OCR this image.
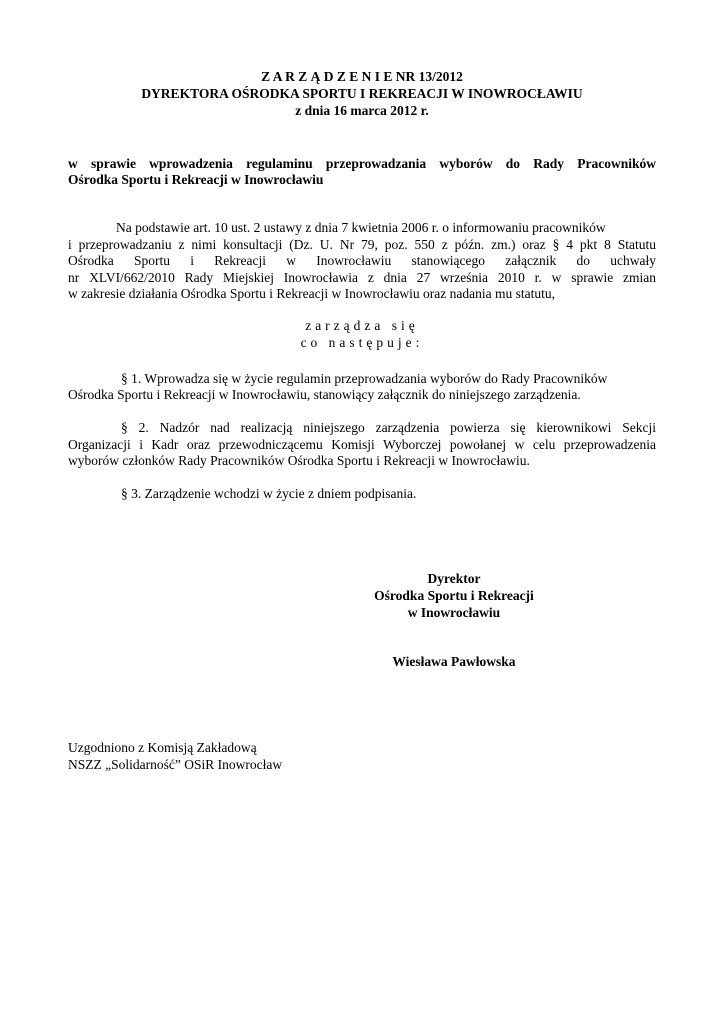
Z A R Z Ą D Z E N I E NR 13/2012
DYREKTORA OŚRODKA SPORTU I REKREACJI W INOWROCŁAWIU
z dnia 16 marca 2012 r.
w sprawie wprowadzenia regulaminu przeprowadzania wyborów do Rady Pracowników
Ośrodka Sportu i Rekreacji w Inowrocławiu
Na podstawie art. 10 ust. 2 ustawy z dnia 7 kwietnia 2006 r. o informowaniu pracowników
i przeprowadzaniu z nimi konsultacji (Dz. U. Nr 79, poz. 550 z późn. zm.) oraz § 4 pkt 8 Statutu
Ośrodka Sportu i Rekreacji w Inowrocławiu stanowiącego załącznik do uchwały
nr XLVI/662/2010 Rady Miejskiej Inowrocławia z dnia 27 września 2010 r. w sprawie zmian
w zakresie działania Ośrodka Sportu i Rekreacji w Inowrocławiu oraz nadania mu statutu,
zarządza się
co następuje:
§ 1. Wprowadza się w życie regulamin przeprowadzania wyborów do Rady Pracowników
Ośrodka Sportu i Rekreacji w Inowrocławiu, stanowiący załącznik do niniejszego zarządzenia.
§ 2. Nadzór nad realizacją niniejszego zarządzenia powierza się kierownikowi Sekcji
Organizacji i Kadr oraz przewodniczącemu Komisji Wyborczej powołanej w celu przeprowadzenia
wyborów członków Rady Pracowników Ośrodka Sportu i Rekreacji w Inowrocławiu.
§ 3. Zarządzenie wchodzi w życie z dniem podpisania.
Dyrektor
Ośrodka Sportu i Rekreacji
w Inowrocławiu
Wiesława Pawłowska
Uzgodniono z Komisją Zakładową
NSZZ „Solidarność” OSiR Inowrocław
